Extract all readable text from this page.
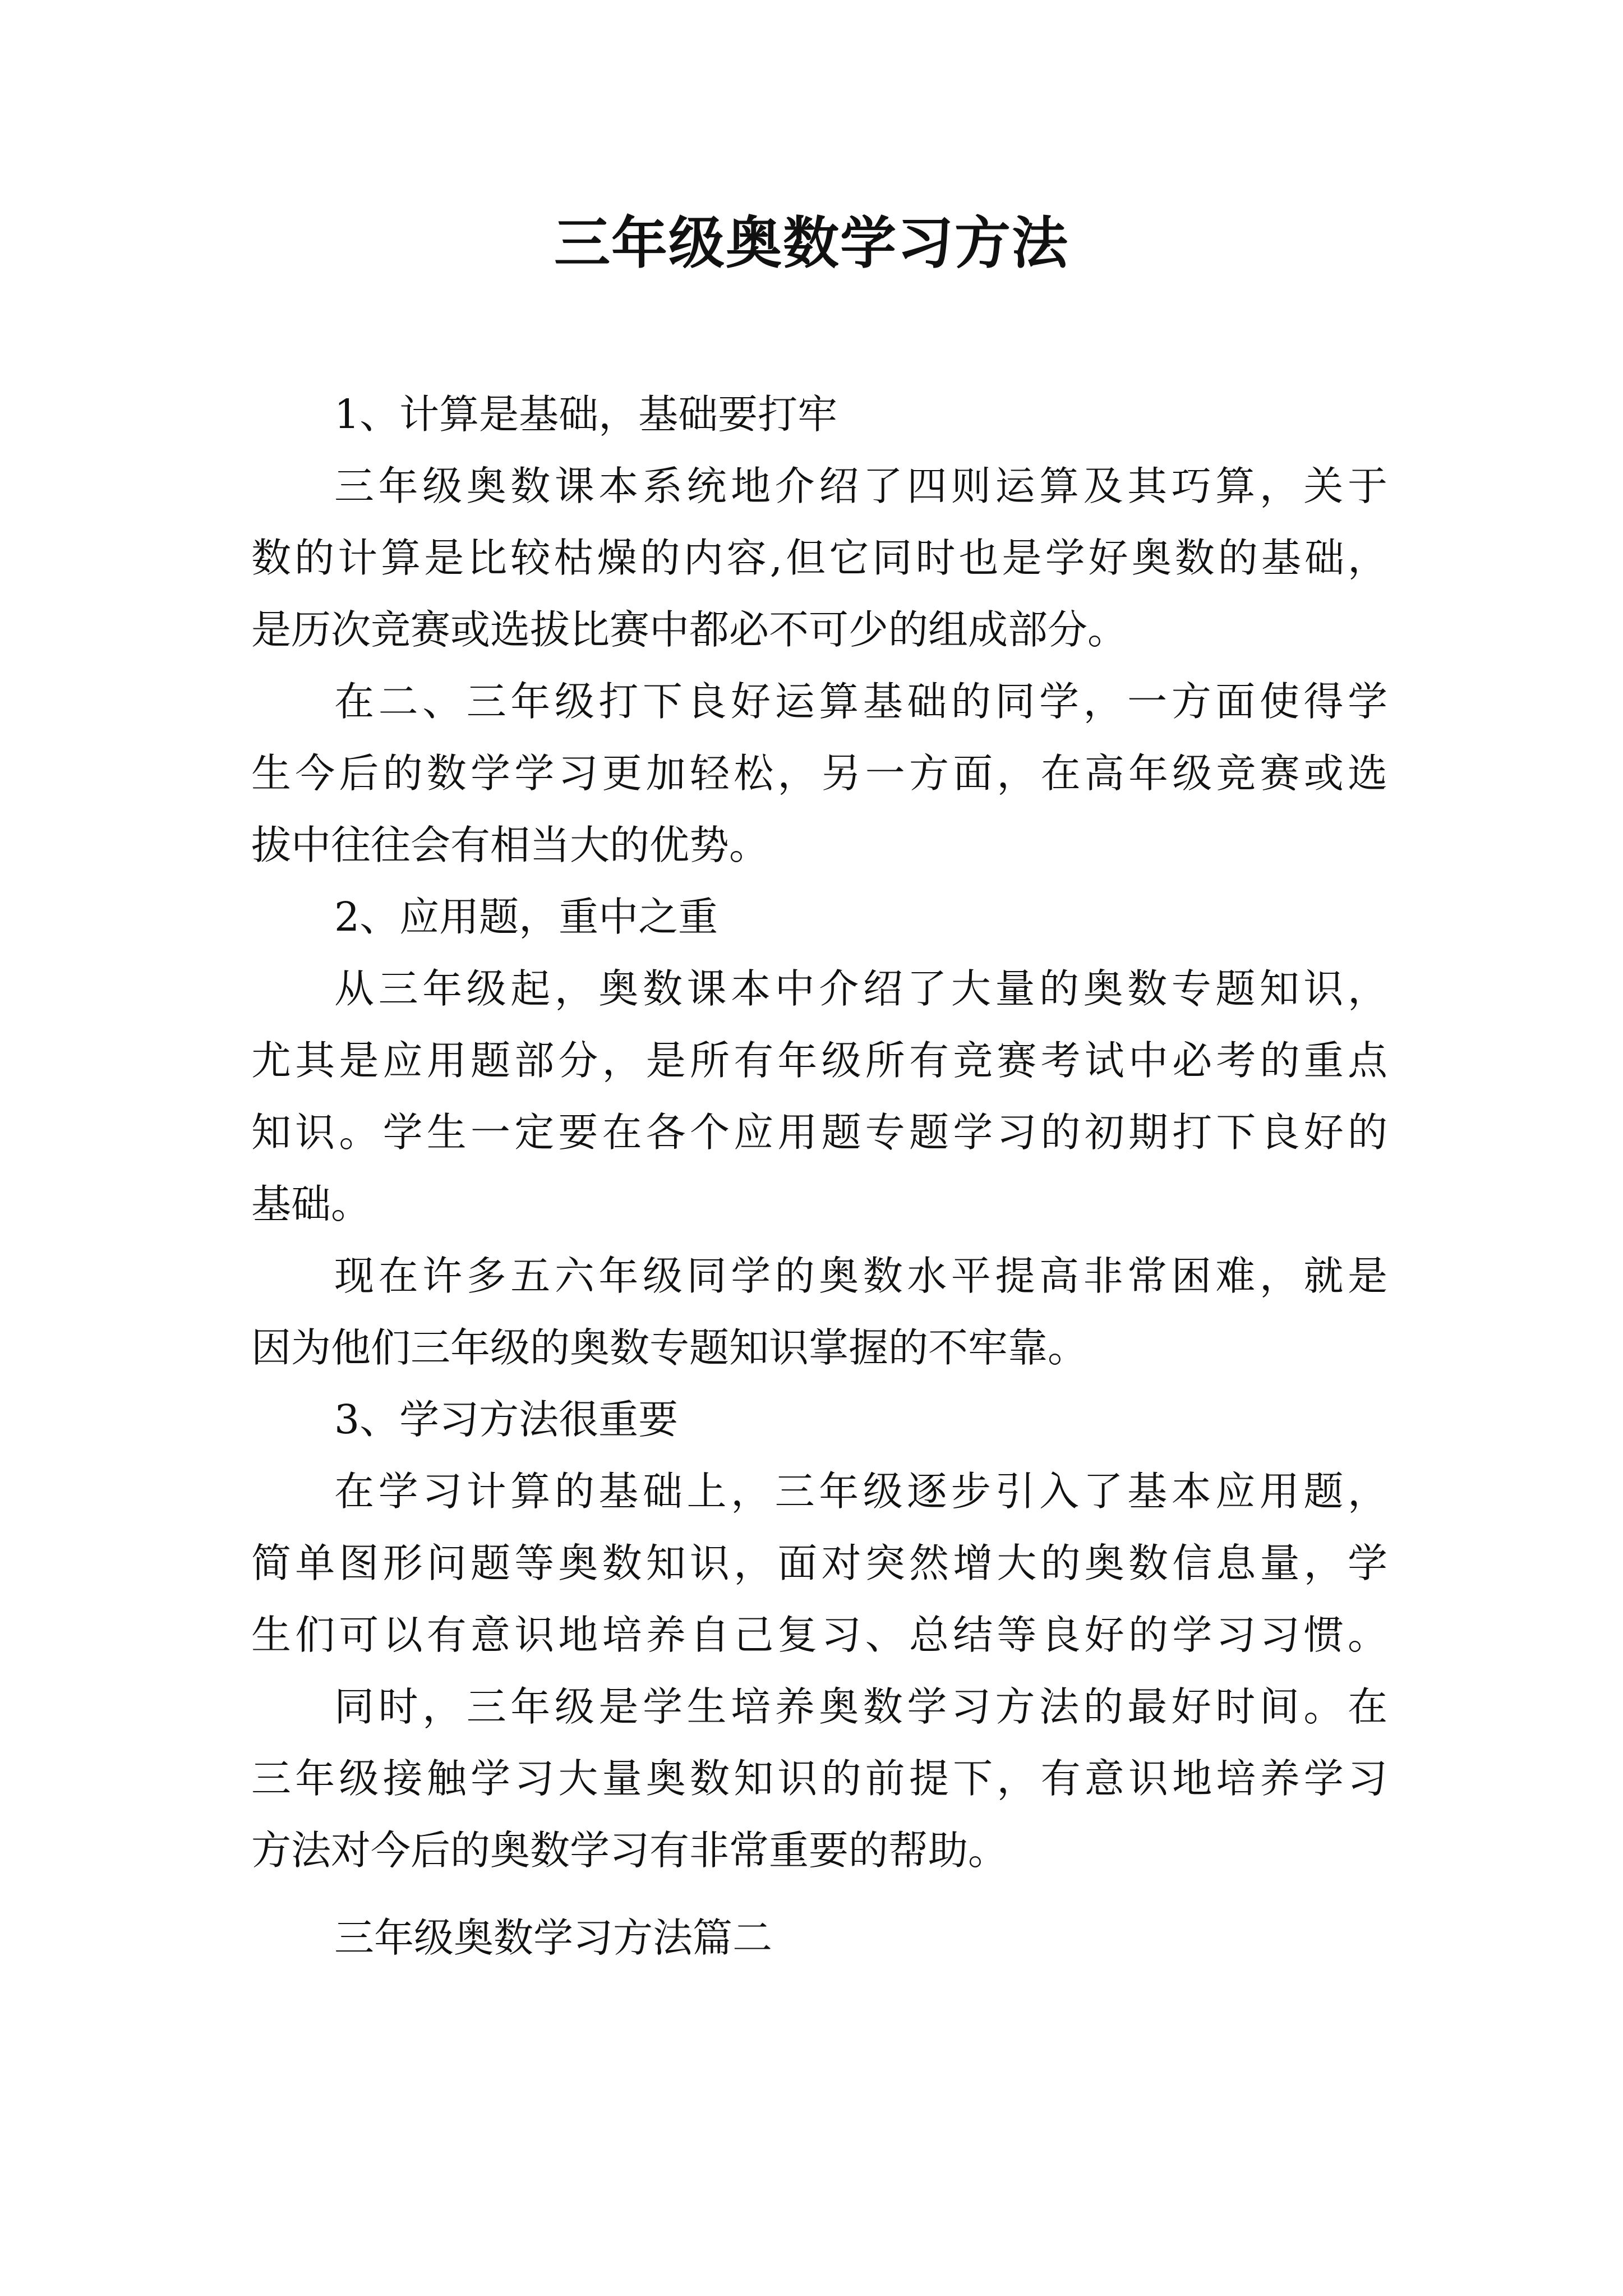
三年级奥数学习方法
1、计算是基础，基础要打牢
三年级奥数课本系统地介绍了四则运算及其巧算，关于
数的计算是比较枯燥的内容,但它同时也是学好奥数的基础，
是历次竞赛或选拔比赛中都必不可少的组成部分。
在二、三年级打下良好运算基础的同学，一方面使得学
生今后的数学学习更加轻松，另一方面，在高年级竞赛或选
拔中往往会有相当大的优势。
2、应用题，重中之重
从三年级起，奥数课本中介绍了大量的奥数专题知识，
尤其是应用题部分，是所有年级所有竞赛考试中必考的重点
知识。学生一定要在各个应用题专题学习的初期打下良好的
基础。
现在许多五六年级同学的奥数水平提高非常困难，就是
因为他们三年级的奥数专题知识掌握的不牢靠。
3、学习方法很重要
在学习计算的基础上，三年级逐步引入了基本应用题，
简单图形问题等奥数知识，面对突然增大的奥数信息量，学
生们可以有意识地培养自己复习、总结等良好的学习习惯。
同时，三年级是学生培养奥数学习方法的最好时间。在
三年级接触学习大量奥数知识的前提下，有意识地培养学习
方法对今后的奥数学习有非常重要的帮助。
三年级奥数学习方法篇二
